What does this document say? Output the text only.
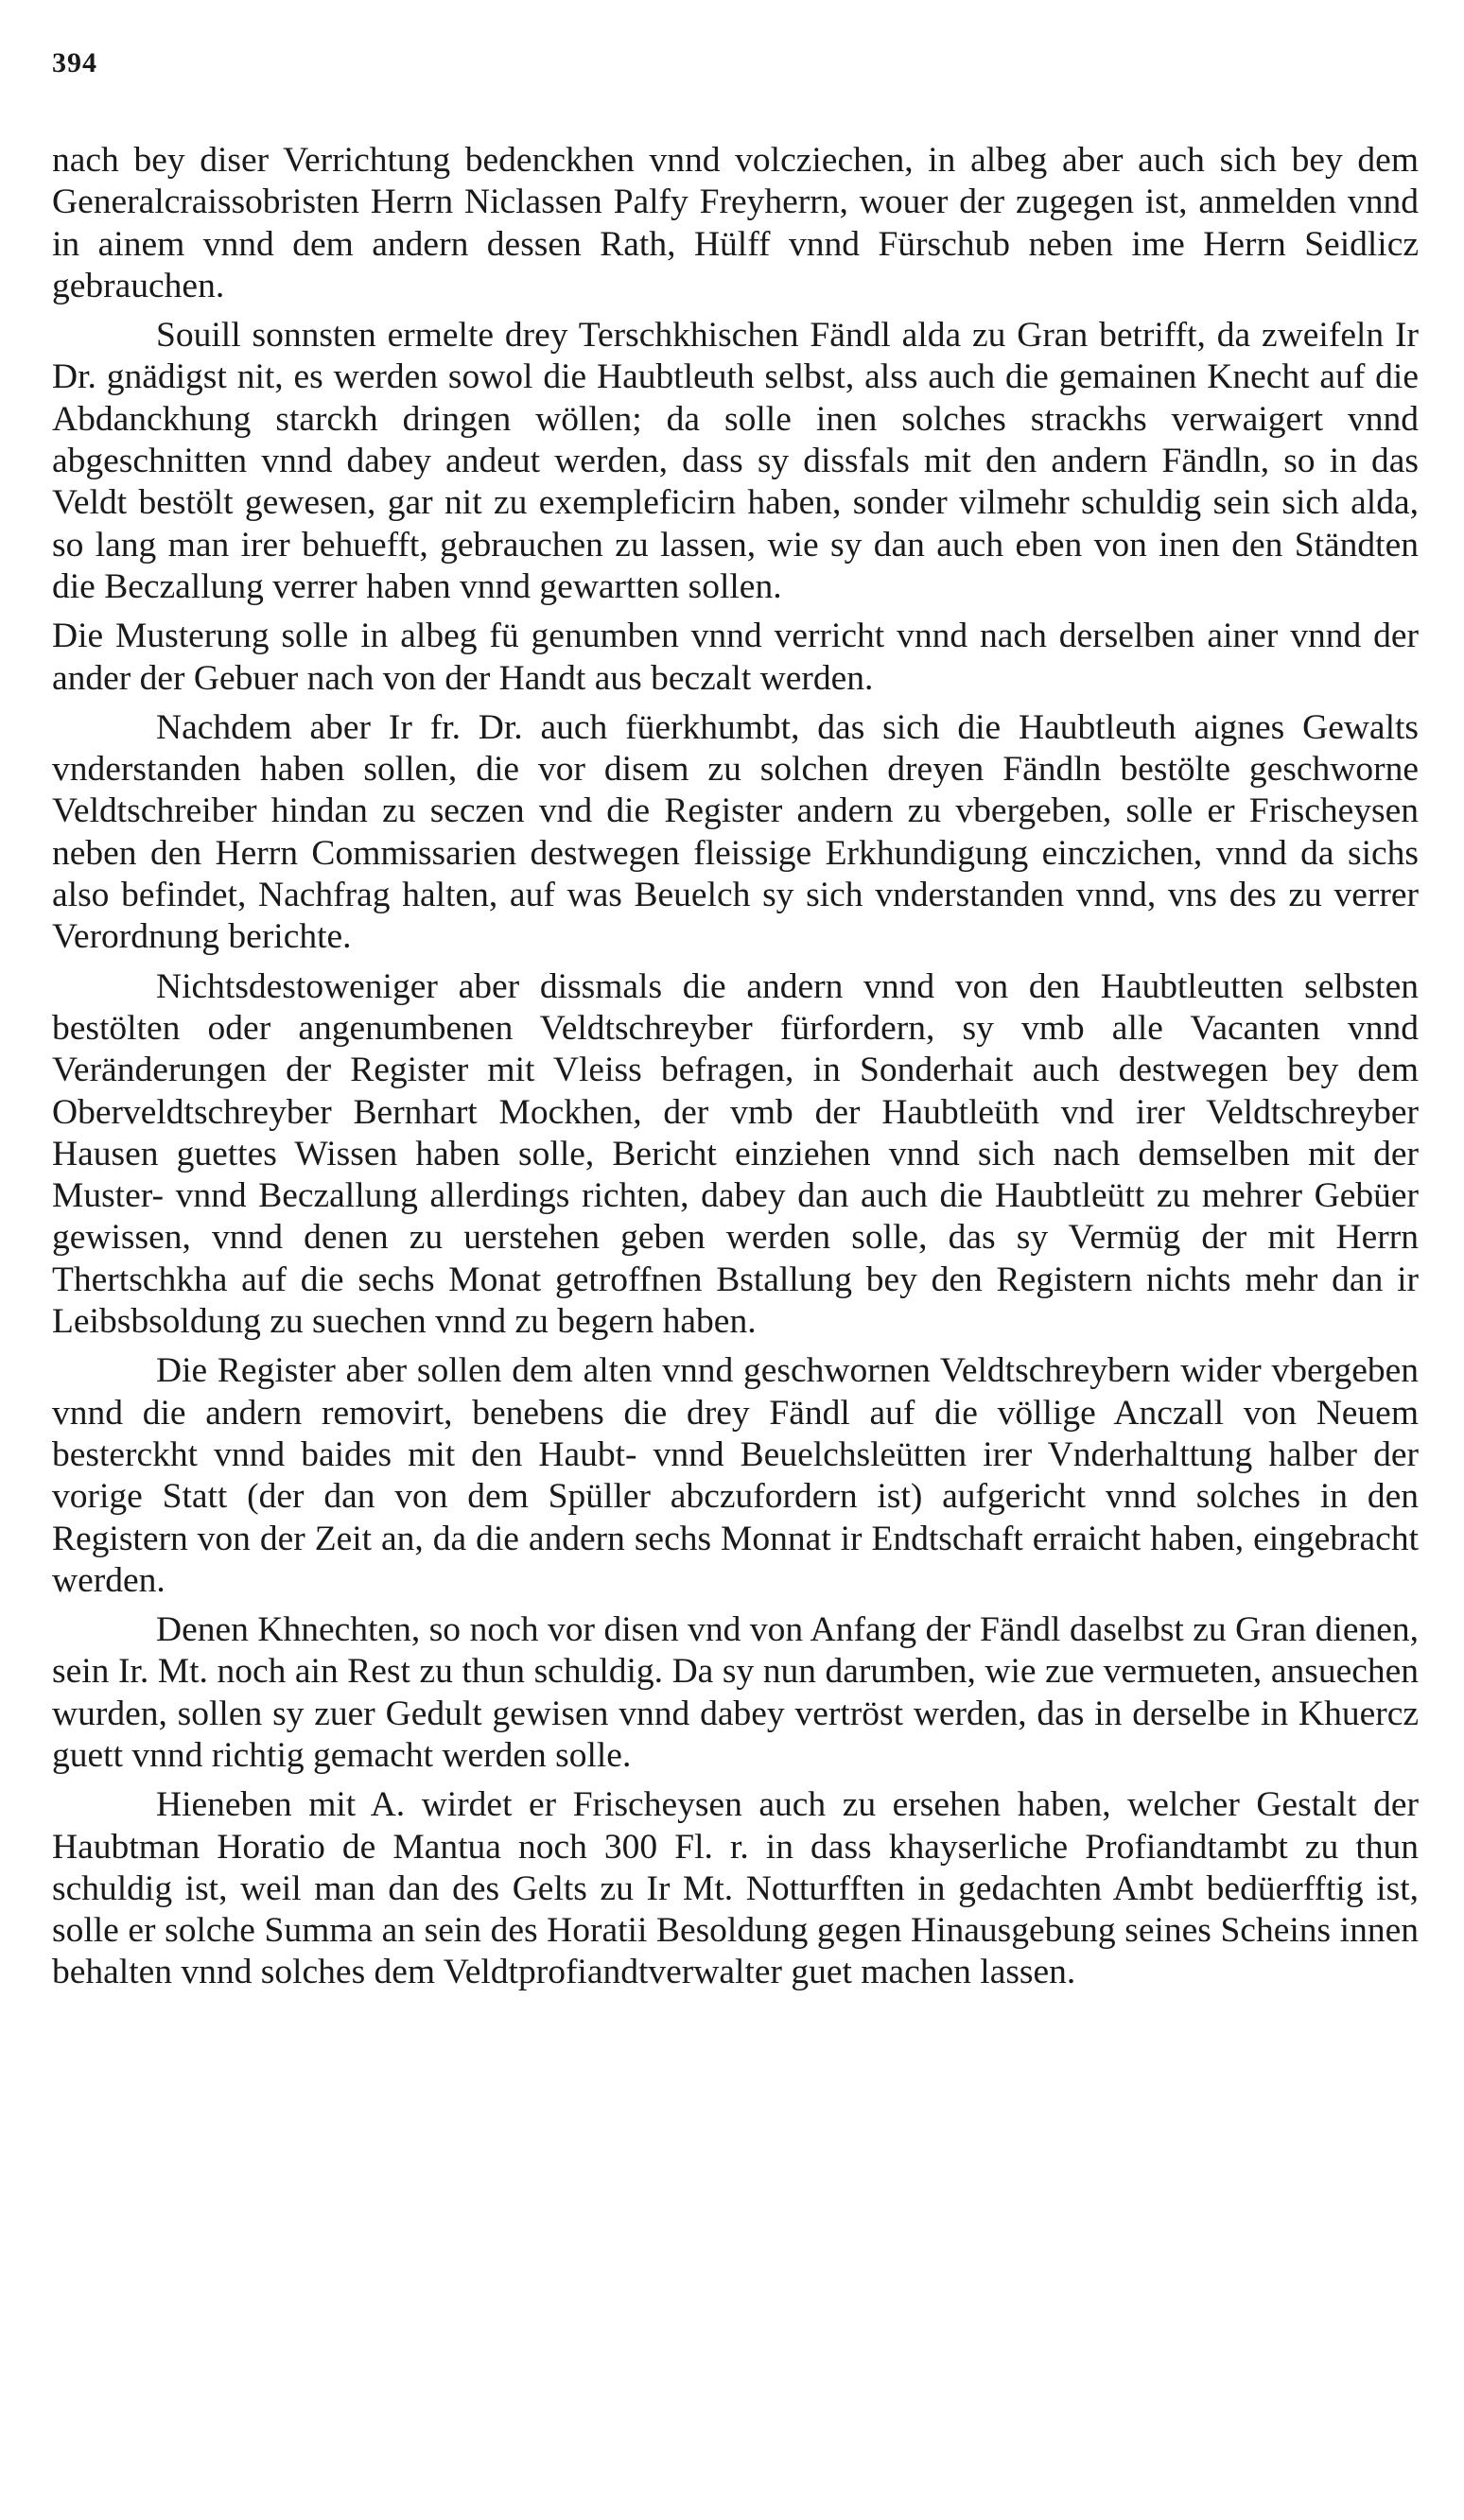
394

nach bey diser Verrichtung bedenckhen vnnd volcziechen, in albeg aber auch sich bey dem Generalcraissobristen Herrn Niclassen Palfy Freyherrn, wouer der zugegen ist, anmelden vnnd in ainem vnnd dem andern dessen Rath, Hülff vnnd Fürschub neben ime Herrn Seidlicz gebrauchen.

Souill sonnsten ermelte drey Terschkhischen Fändl alda zu Gran betrifft, da zweifeln Ir Dr. gnädigst nit, es werden sowol die Haubtleuth selbst, alss auch die gemainen Knecht auf die Abdanckhung starckh dringen wöllen; da solle inen solches strackhs verwaigert vnnd abgeschnitten vnnd dabey andeut werden, dass sy dissfals mit den andern Fändln, so in das Veldt bestölt gewesen, gar nit zu exempleficirn haben, sonder vilmehr schuldig sein sich alda, so lang man irer behuefft, gebrauchen zu lassen, wie sy dan auch eben von inen den Ständten die Beczallung verrer haben vnnd gewartten sollen.

Die Musterung solle in albeg fü genumben vnnd verricht vnnd nach derselben ainer vnnd der ander der Gebuer nach von der Handt aus beczalt werden.

Nachdem aber Ir fr. Dr. auch füerkhumbt, das sich die Haubtleuth aignes Gewalts vnderstanden haben sollen, die vor disem zu solchen dreyen Fändln bestölte geschworne Veldtschreiber hindan zu seczen vnd die Register andern zu vbergeben, solle er Frischeysen neben den Herrn Commissarien destwegen fleissige Erkhundigung einczichen, vnnd da sichs also befindet, Nachfrag halten, auf was Beuelch sy sich vnderstanden vnnd, vns des zu verrer Verordnung berichte.

Nichtsdestoweniger aber dissmals die andern vnnd von den Haubtleutten selbsten bestölten oder angenumbenen Veldtschreyber fürfordern, sy vmb alle Vacanten vnnd Veränderungen der Register mit Vleiss befragen, in Sonderhait auch destwegen bey dem Oberveldtschreyber Bernhart Mockhen, der vmb der Haubtleüth vnd irer Veldtschreyber Hausen guettes Wissen haben solle, Bericht einziehen vnnd sich nach demselben mit der Muster- vnnd Beczallung allerdings richten, dabey dan auch die Haubtleütt zu mehrer Gebüer gewissen, vnnd denen zu uerstehen geben werden solle, das sy Vermüg der mit Herrn Thertschkha auf die sechs Monat getroffnen Bstallung bey den Registern nichts mehr dan ir Leibsbsoldung zu suechen vnnd zu begern haben.

Die Register aber sollen dem alten vnnd geschwornen Veldtschreybern wider vbergeben vnnd die andern removirt, benebens die drey Fändl auf die völlige Anczall von Neuem besterckht vnnd baides mit den Haubt- vnnd Beuelchsleütten irer Vnderhalttung halber der vorige Statt (der dan von dem Spüller abczufordern ist) aufgericht vnnd solches in den Registern von der Zeit an, da die andern sechs Monnat ir Endtschaft erraicht haben, eingebracht werden.

Denen Khnechten, so noch vor disen vnd von Anfang der Fändl daselbst zu Gran dienen, sein Ir. Mt. noch ain Rest zu thun schuldig. Da sy nun darumben, wie zue vermueten, ansuechen wurden, sollen sy zuer Gedult gewisen vnnd dabey vertröst werden, das in derselbe in Khuercz guett vnnd richtig gemacht werden solle.

Hieneben mit A. wirdet er Frischeysen auch zu ersehen haben, welcher Gestalt der Haubtman Horatio de Mantua noch 300 Fl. r. in dass khayserliche Profiandtambt zu thun schuldig ist, weil man dan des Gelts zu Ir Mt. Notturfften in gedachten Ambt bedüerfftig ist, solle er solche Summa an sein des Horatii Besoldung gegen Hinausgebung seines Scheins innen behalten vnnd solches dem Veldtprofiandtverwalter guet machen lassen.
